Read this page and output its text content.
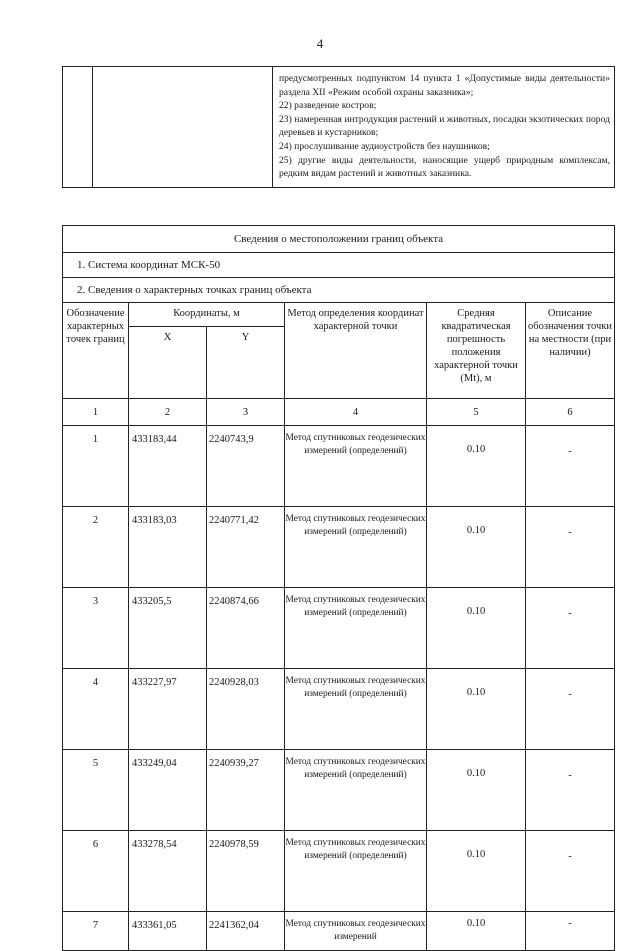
4

предусмотренных подпунктом 14 пункта 1 «Допустимые виды деятельности» раздела XII «Режим особой охраны заказника»;
22) разведение костров;
23) намеренная интродукция растений и животных, посадки экзотических пород деревьев и кустарников;
24) прослушивание аудиоустройств без наушников;
25) другие виды деятельности, наносящие ущерб природным комплексам, редким видам растений и животных заказника.
Сведения о местоположении границ объекта					
1. Система координат МСК-50					
2. Сведения о характерных точках границ объекта					
Обозначение характерных точек границ	Координаты, м		Метод определения координат характерной точки	Средняя квадратическая погрешность положения характерной точки (Mt), м	Описание обозначения точки на местности (при наличии)
	X	Y			
1	2	3	4	5	6
1	433183,44	2240743,9	Метод спутниковых геодезических измерений (определений)	0.10	-
2	433183,03	2240771,42	Метод спутниковых геодезических измерений (определений)	0.10	-
3	433205,5	2240874,66	Метод спутниковых геодезических измерений (определений)	0.10	-
4	433227,97	2240928,03	Метод спутниковых геодезических измерений (определений)	0.10	-
5	433249,04	2240939,27	Метод спутниковых геодезических измерений (определений)	0.10	-
6	433278,54	2240978,59	Метод спутниковых геодезических измерений (определений)	0.10	-
7	433361,05	2241362,04	Метод спутниковых геодезических измерений	0.10	-
